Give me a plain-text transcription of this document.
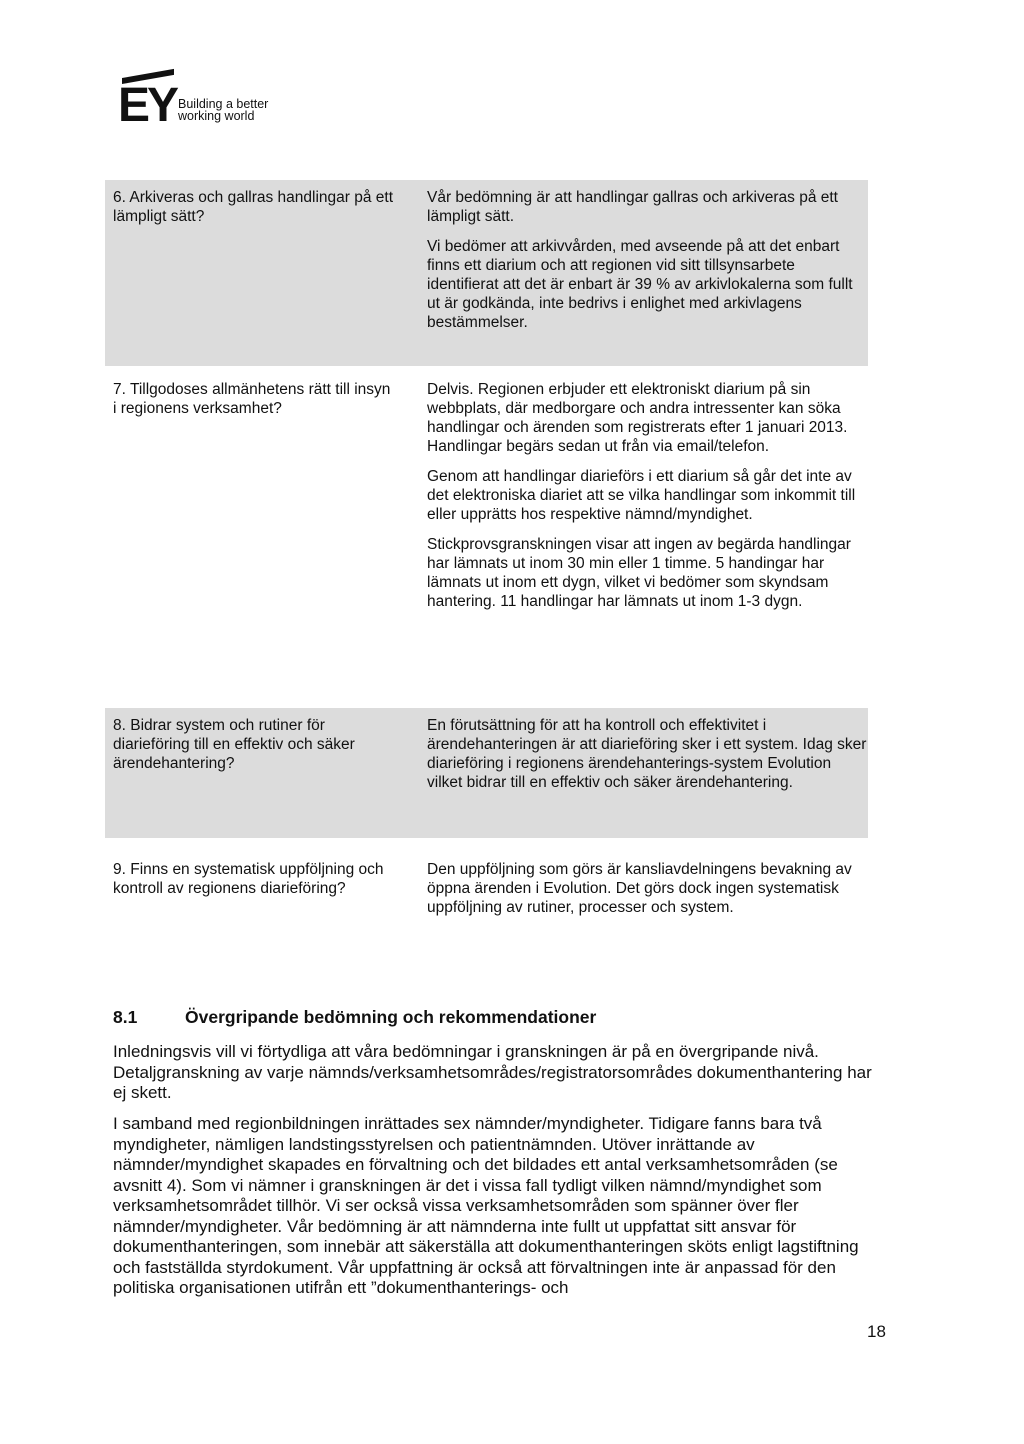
EY Building a better
working world
6. Arkiveras och gallras handlingar på ett lämpligt sätt?

Vår bedömning är att handlingar gallras och arkiveras på ett lämpligt sätt.

Vi bedömer att arkivvården, med avseende på att det enbart finns ett diarium och att regionen vid sitt tillsynsarbete identifierat att det är enbart är 39 % av arkivlokalerna som fullt ut är godkända, inte bedrivs i enlighet med arkivlagens bestämmelser.

7. Tillgodoses allmänhetens rätt till insyn i regionens verksamhet?

Delvis. Regionen erbjuder ett elektroniskt diarium på sin webbplats, där medborgare och andra intressenter kan söka handlingar och ärenden som registrerats efter 1 januari 2013. Handlingar begärs sedan ut från via email/telefon.

Genom att handlingar diarieförs i ett diarium så går det inte av det elektroniska diariet att se vilka handlingar som inkommit till eller upprätts hos respektive nämnd/myndighet.

Stickprovsgranskningen visar att ingen av begärda handlingar har lämnats ut inom 30 min eller 1 timme. 5 handingar har lämnats ut inom ett dygn, vilket vi bedömer som skyndsam hantering. 11 handlingar har lämnats ut inom 1-3 dygn.

8. Bidrar system och rutiner för diarieföring till en effektiv och säker ärendehantering?

En förutsättning för att ha kontroll och effektivitet i ärendehanteringen är att diarieföring sker i ett system. Idag sker diarieföring i regionens ärendehanterings-system Evolution vilket bidrar till en effektiv och säker ärendehantering.

9. Finns en systematisk uppföljning och kontroll av regionens diarieföring?

Den uppföljning som görs är kansliavdelningens bevakning av öppna ärenden i Evolution. Det görs dock ingen systematisk uppföljning av rutiner, processer och system.

8.1	Övergripande bedömning och rekommendationer

Inledningsvis vill vi förtydliga att våra bedömningar i granskningen är på en övergripande nivå. Detaljgranskning av varje nämnds/verksamhetsområdes/registratorsområdes dokumenthantering har ej skett.

I samband med regionbildningen inrättades sex nämnder/myndigheter. Tidigare fanns bara två myndigheter, nämligen landstingsstyrelsen och patientnämnden. Utöver inrättande av nämnder/myndighet skapades en förvaltning och det bildades ett antal verksamhetsområden (se avsnitt 4). Som vi nämner i granskningen är det i vissa fall tydligt vilken nämnd/myndighet som verksamhetsområdet tillhör. Vi ser också vissa verksamhetsområden som spänner över fler nämnder/myndigheter. Vår bedömning är att nämnderna inte fullt ut uppfattat sitt ansvar för dokumenthanteringen, som innebär att säkerställa att dokumenthanteringen sköts enligt lagstiftning och fastställda styrdokument. Vår uppfattning är också att förvaltningen inte är anpassad för den politiska organisationen utifrån ett ”dokumenthanterings- och

18
